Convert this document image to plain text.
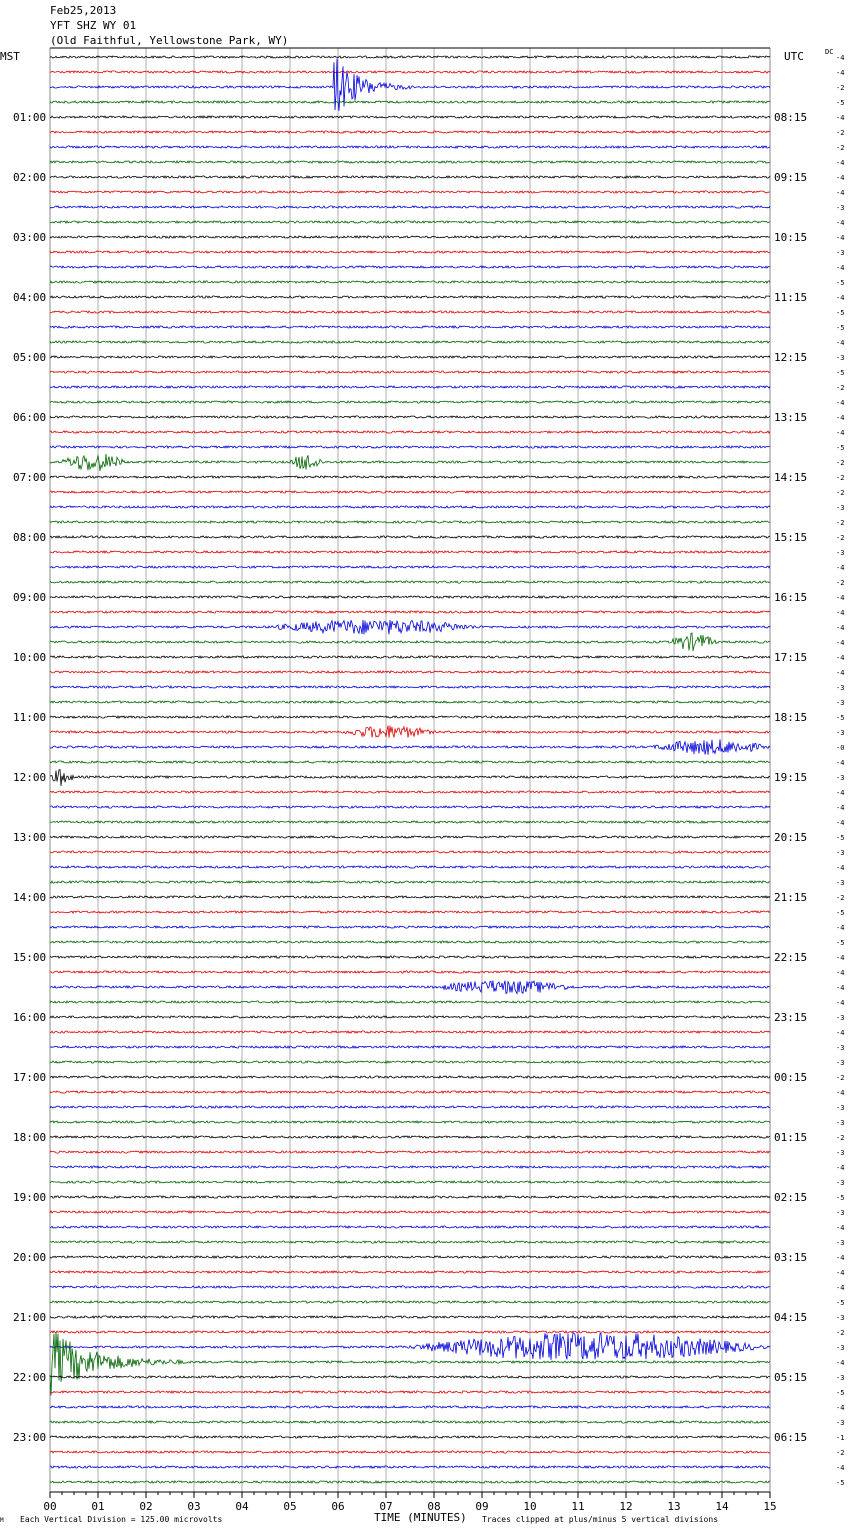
00	01	02	03	04	05	06	07	08	09	10	11	12	13	14	15
-4
-4
-2
-5
-4
-2
-2
-4
-4
-4
-3
-4
-4
-3
-4
-5
-4
-5
-5
-4
-3
-5
-2
-4
-4
-4
-5
-2
-2
-2
-3
-2
-2
-3
-4
-2
-4
-4
-4
-4
-4
-4
-3
-3
-5
-3
-0
-4
-3
-4
-4
-4
-5
-3
-4
-3
-2
-5
-4
-5
-4
-4
-4
-4
-3
-4
-3
-3
-2
-4
-3
-3
-2
-3
-4
-3
-5
-3
-4
-3
-4
-4
-4
-5
-3
-2
-3
-4
-3
-5
-4
-3
-1
-2
-4
-5
Feb25,2013
YFT SHZ WY 01
(Old Faithful, Yellowstone Park, WY)
MST	UTC	DC
01:00
02:00
03:00
04:00
05:00
06:00
07:00
08:00
09:00
10:00
11:00
12:00
13:00
14:00
15:00
16:00
17:00
18:00
19:00
20:00
21:00
22:00
23:00
08:15
09:15
10:15
11:15
12:15
13:15
14:15
15:15
16:15
17:15
18:15
19:15
20:15
21:15
22:15
23:15
00:15
01:15
02:15
03:15
04:15
05:15
06:15
M Each Vertical Division = 125.00 microvolts	TIME (MINUTES) Traces clipped at plus/minus 5 vertical divisions
